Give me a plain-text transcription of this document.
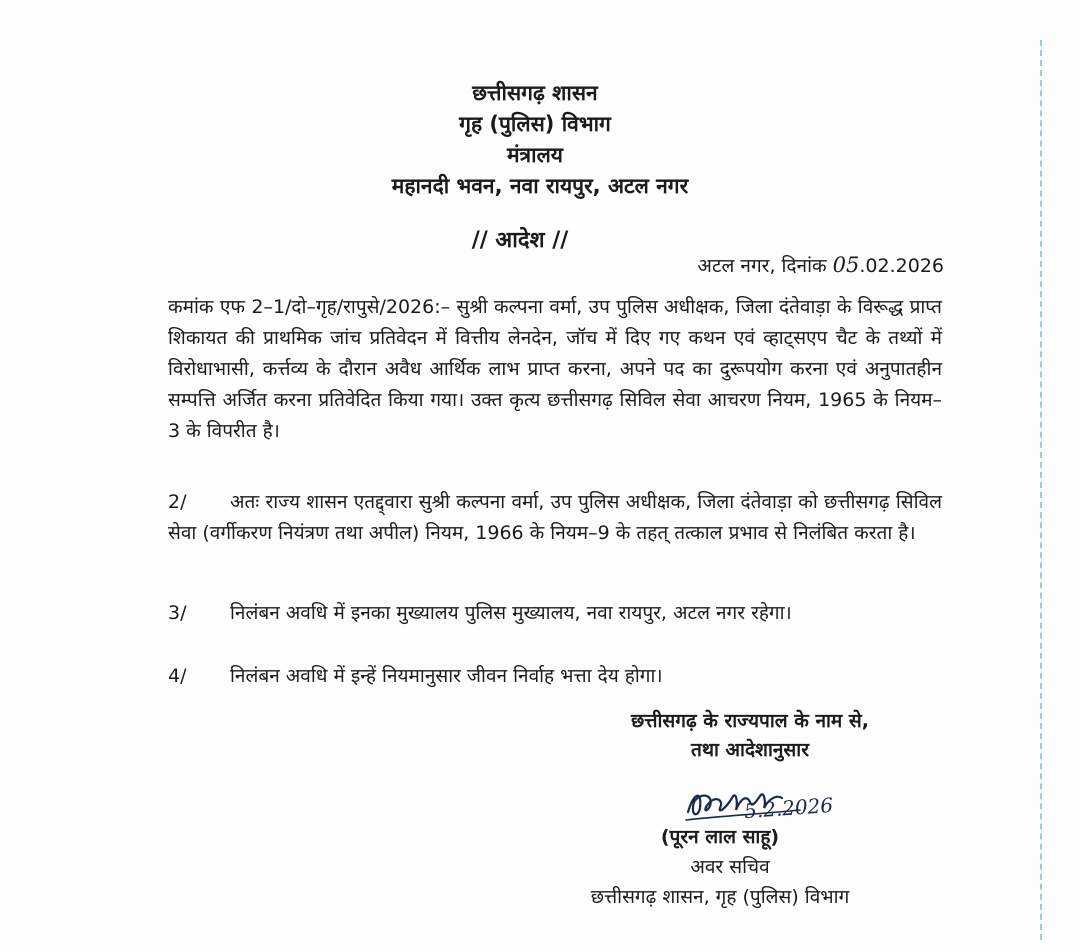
छत्तीसगढ़ शासन
गृह (पुलिस) विभाग
मंत्रालय
महानदी भवन, नवा रायपुर, अटल नगर
// आदेश //
अटल नगर, दिनांक 05.02.2026
कमांक एफ 2–1/दो–गृह/रापुसे/2026:– सुश्री कल्पना वर्मा, उप पुलिस अधीक्षक, जिला दंतेवाड़ा के विरूद्ध प्राप्त शिकायत की प्राथमिक जांच प्रतिवेदन में वित्तीय लेनदेन, जॉच में दिए गए कथन एवं व्हाट्सएप चैट के तथ्यों में विरोधाभासी, कर्त्तव्य के दौरान अवैध आर्थिक लाभ प्राप्त करना, अपने पद का दुरूपयोग करना एवं अनुपातहीन सम्पत्ति अर्जित करना प्रतिवेदित किया गया। उक्त कृत्य छत्तीसगढ़ सिविल सेवा आचरण नियम, 1965 के नियम–3 के विपरीत है।
2/ अतः राज्य शासन एतद्द्वारा सुश्री कल्पना वर्मा, उप पुलिस अधीक्षक, जिला दंतेवाड़ा को छत्तीसगढ़ सिविल सेवा (वर्गीकरण नियंत्रण तथा अपील) नियम, 1966 के नियम–9 के तहत् तत्काल प्रभाव से निलंबित करता है।
3/ निलंबन अवधि में इनका मुख्यालय पुलिस मुख्यालय, नवा रायपुर, अटल नगर रहेगा।
4/ निलंबन अवधि में इन्हें नियमानुसार जीवन निर्वाह भत्ता देय होगा।
छत्तीसगढ़ के राज्यपाल के नाम से,
तथा आदेशानुसार
5.2.2026
(पूरन लाल साहू)
अवर सचिव
छत्तीसगढ़ शासन, गृह (पुलिस) विभाग
